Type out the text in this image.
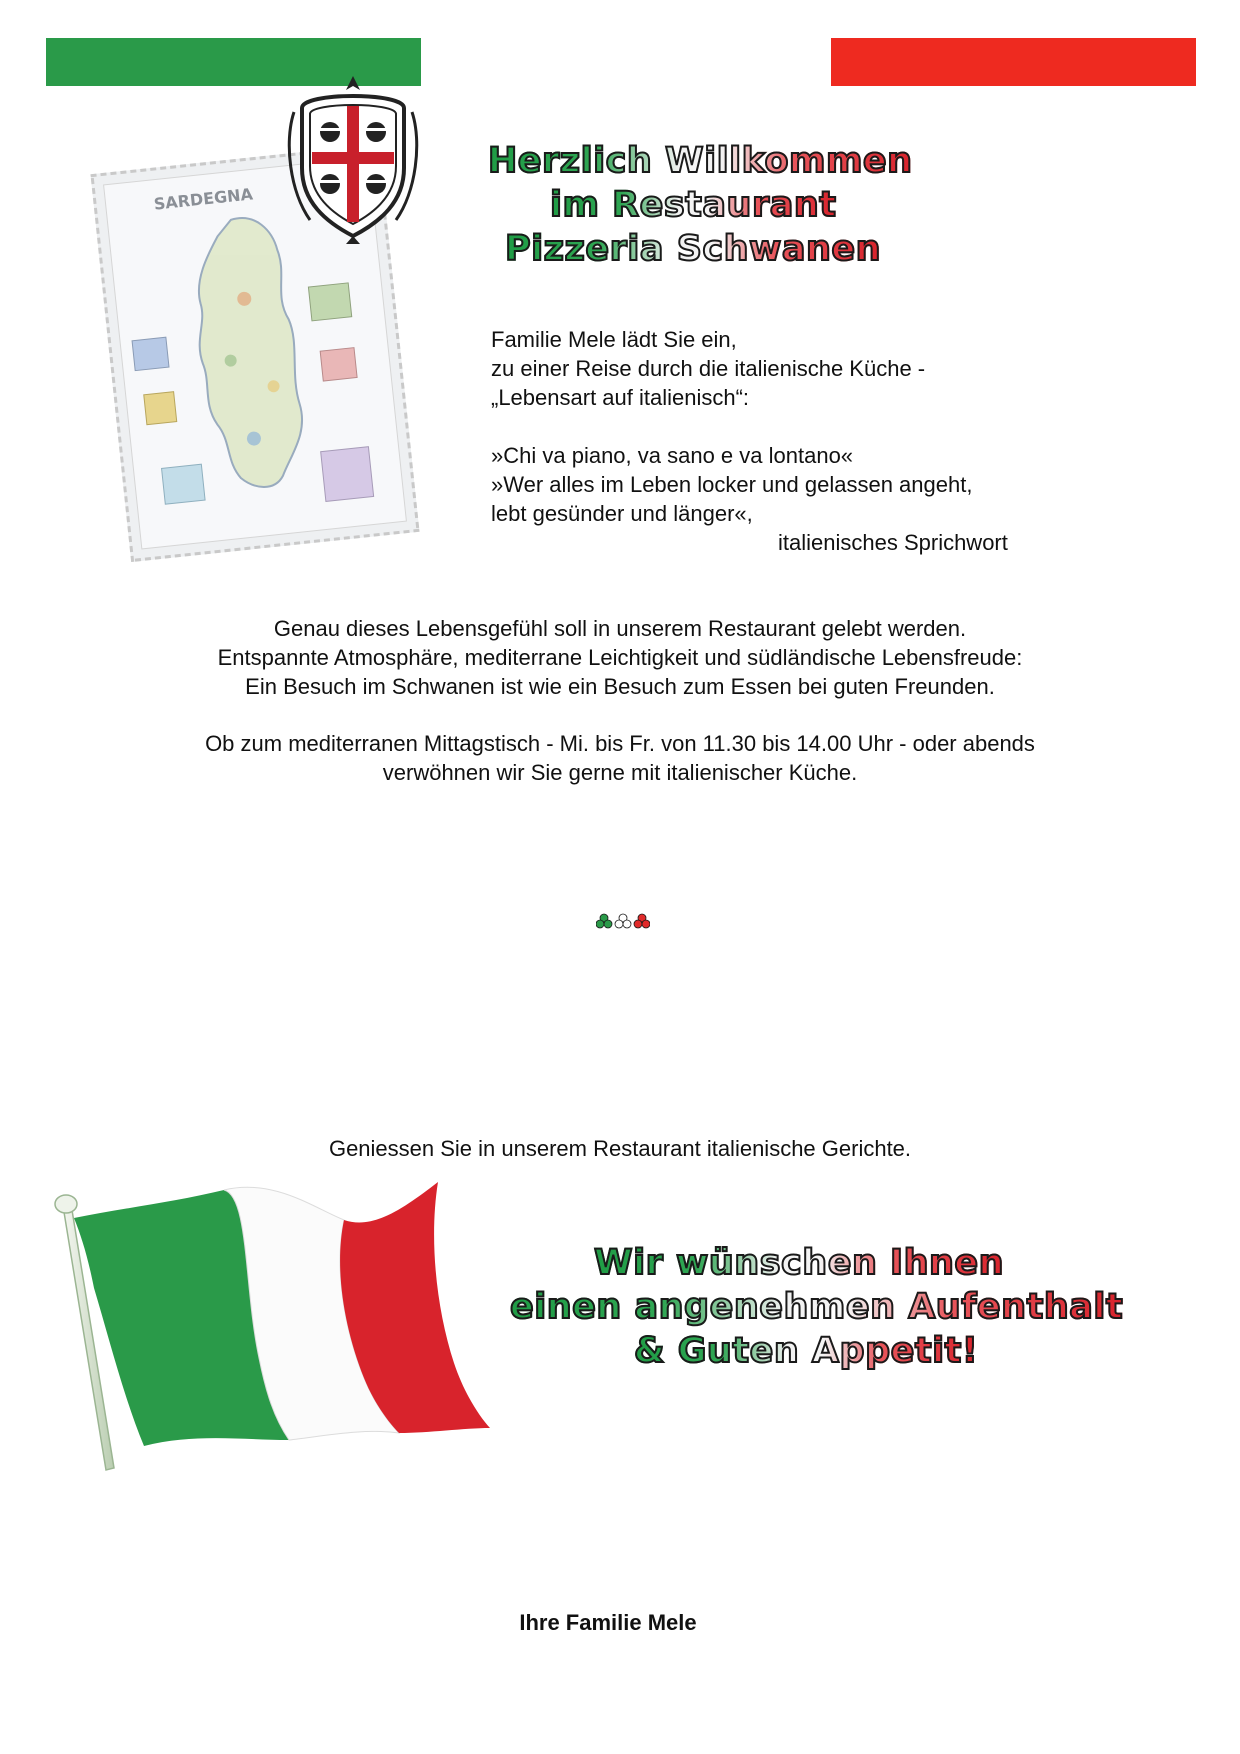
SARDEGNA
Herzlich Willkommen
im Restaurant
Pizzeria Schwanen
Familie Mele lädt Sie ein,
zu einer Reise durch die italienische Küche -
„Lebensart auf italienisch“:
»Chi va piano, va sano e va lontano«
»Wer alles im Leben locker und gelassen angeht,
lebt gesünder und länger«,
italienisches Sprichwort
Genau dieses Lebensgefühl soll in unserem Restaurant gelebt werden.
Entspannte Atmosphäre, mediterrane Leichtigkeit und südländische Lebensfreude:
Ein Besuch im Schwanen ist wie ein Besuch zum Essen bei guten Freunden.
Ob zum mediterranen Mittagstisch - Mi. bis Fr. von 11.30 bis 14.00 Uhr - oder abends
verwöhnen wir Sie gerne mit italienischer Küche.
Geniessen Sie in unserem Restaurant italienische Gerichte.
Wir wünschen Ihnen
einen angenehmen Aufenthalt
& Guten Appetit!
Ihre Familie Mele
